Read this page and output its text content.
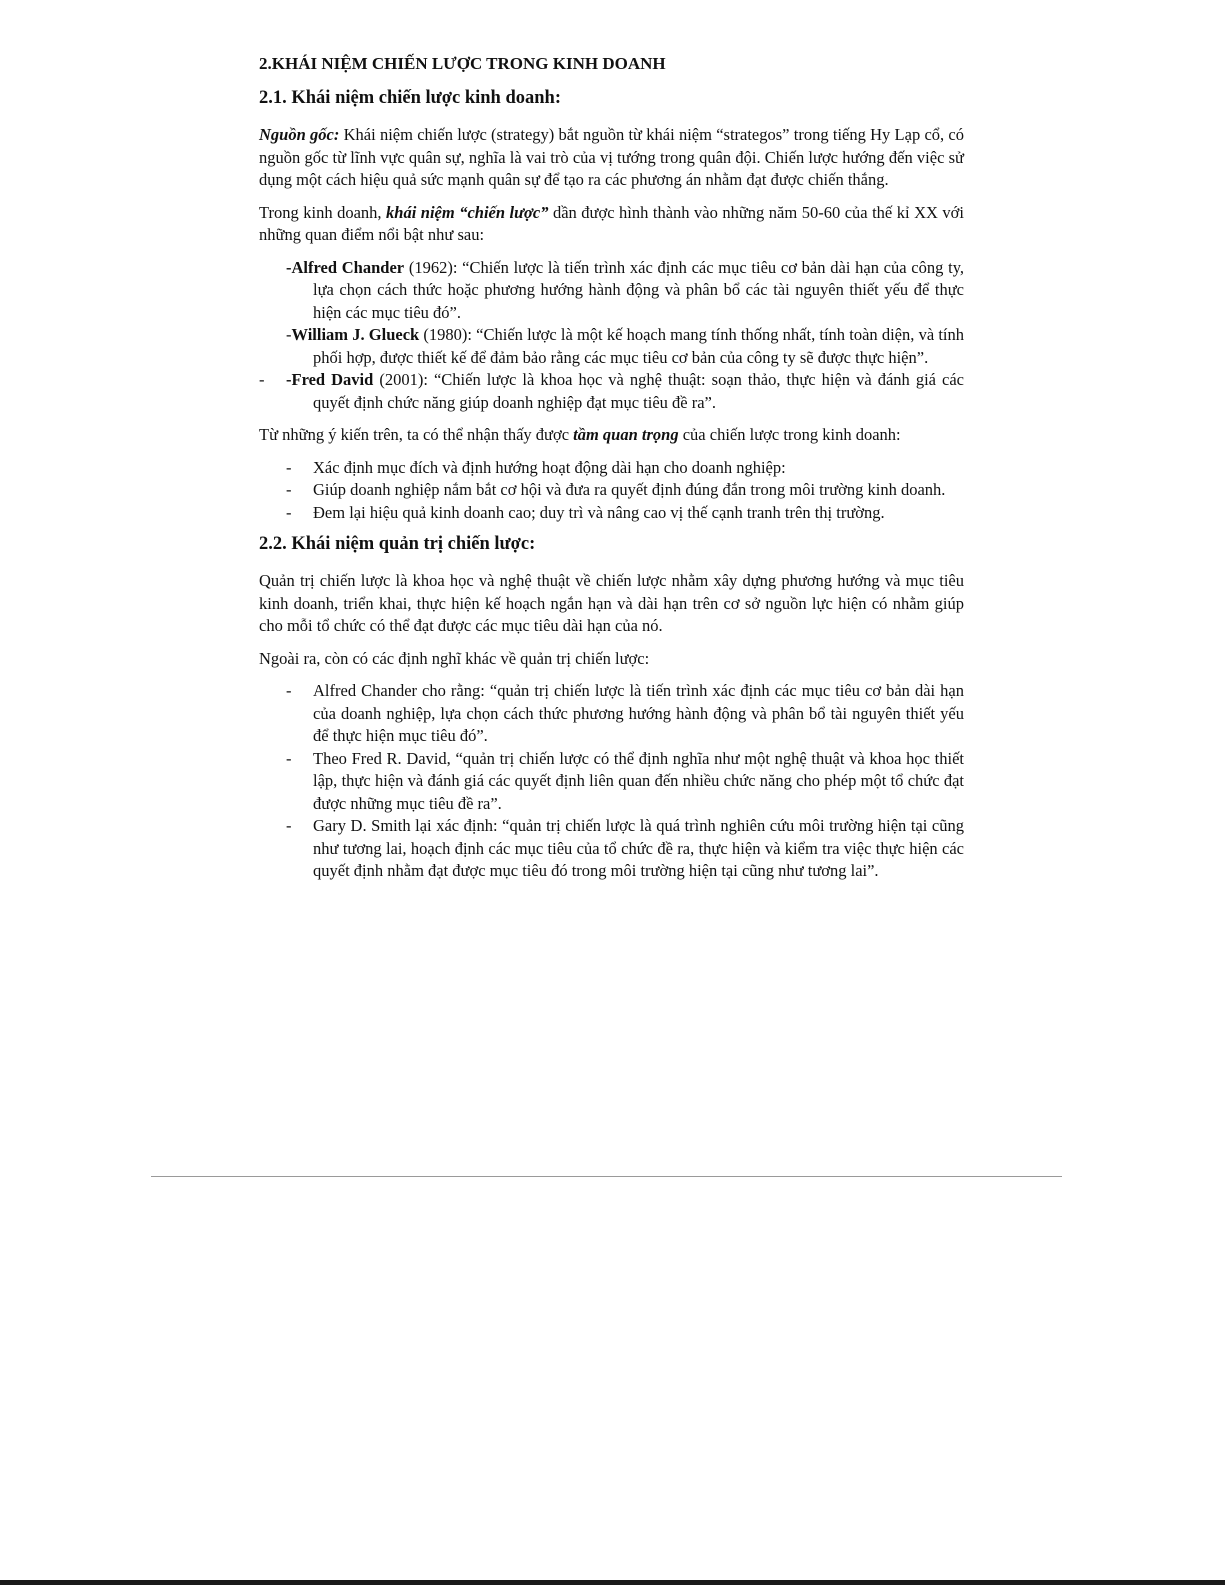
2.KHÁI NIỆM CHIẾN LƯỢC TRONG KINH DOANH
2.1. Khái niệm chiến lược kinh doanh:

Nguồn gốc: Khái niệm chiến lược (strategy) bắt nguồn từ khái niệm “strategos” trong tiếng Hy Lạp cổ, có nguồn gốc từ lĩnh vực quân sự, nghĩa là vai trò của vị tướng trong quân đội. Chiến lược hướng đến việc sử dụng một cách hiệu quả sức mạnh quân sự để tạo ra các phương án nhằm đạt được chiến thắng.

Trong kinh doanh, khái niệm “chiến lược” dần được hình thành vào những năm 50-60 của thế kỉ XX với những quan điểm nổi bật như sau:

-Alfred Chander (1962): “Chiến lược là tiến trình xác định các mục tiêu cơ bản dài hạn của công ty, lựa chọn cách thức hoặc phương hướng hành động và phân bổ các tài nguyên thiết yếu để thực hiện các mục tiêu đó”.
-William J. Glueck (1980): “Chiến lược là một kế hoạch mang tính thống nhất, tính toàn diện, và tính phối hợp, được thiết kế để đảm bảo rằng các mục tiêu cơ bản của công ty sẽ được thực hiện”.
- -Fred David (2001): “Chiến lược là khoa học và nghệ thuật: soạn thảo, thực hiện và đánh giá các quyết định chức năng giúp doanh nghiệp đạt mục tiêu đề ra”.

Từ những ý kiến trên, ta có thể nhận thấy được tầm quan trọng của chiến lược trong kinh doanh:

- Xác định mục đích và định hướng hoạt động dài hạn cho doanh nghiệp:
- Giúp doanh nghiệp nắm bắt cơ hội và đưa ra quyết định đúng đắn trong môi trường kinh doanh.
- Đem lại hiệu quả kinh doanh cao; duy trì và nâng cao vị thế cạnh tranh trên thị trường.
2.2. Khái niệm quản trị chiến lược:

Quản trị chiến lược là khoa học và nghệ thuật về chiến lược nhằm xây dựng phương hướng và mục tiêu kinh doanh, triển khai, thực hiện kế hoạch ngắn hạn và dài hạn trên cơ sở nguồn lực hiện có nhằm giúp cho mỗi tổ chức có thể đạt được các mục tiêu dài hạn của nó.

Ngoài ra, còn có các định nghĩ khác về quản trị chiến lược:

- Alfred Chander cho rằng: “quản trị chiến lược là tiến trình xác định các mục tiêu cơ bản dài hạn của doanh nghiệp, lựa chọn cách thức phương hướng hành động và phân bổ tài nguyên thiết yếu để thực hiện mục tiêu đó”.
- Theo Fred R. David, “quản trị chiến lược có thể định nghĩa như một nghệ thuật và khoa học thiết lập, thực hiện và đánh giá các quyết định liên quan đến nhiều chức năng cho phép một tổ chức đạt được những mục tiêu đề ra”.
- Gary D. Smith lại xác định: “quản trị chiến lược là quá trình nghiên cứu môi trường hiện tại cũng như tương lai, hoạch định các mục tiêu của tổ chức đề ra, thực hiện và kiểm tra việc thực hiện các quyết định nhằm đạt được mục tiêu đó trong môi trường hiện tại cũng như tương lai”.
